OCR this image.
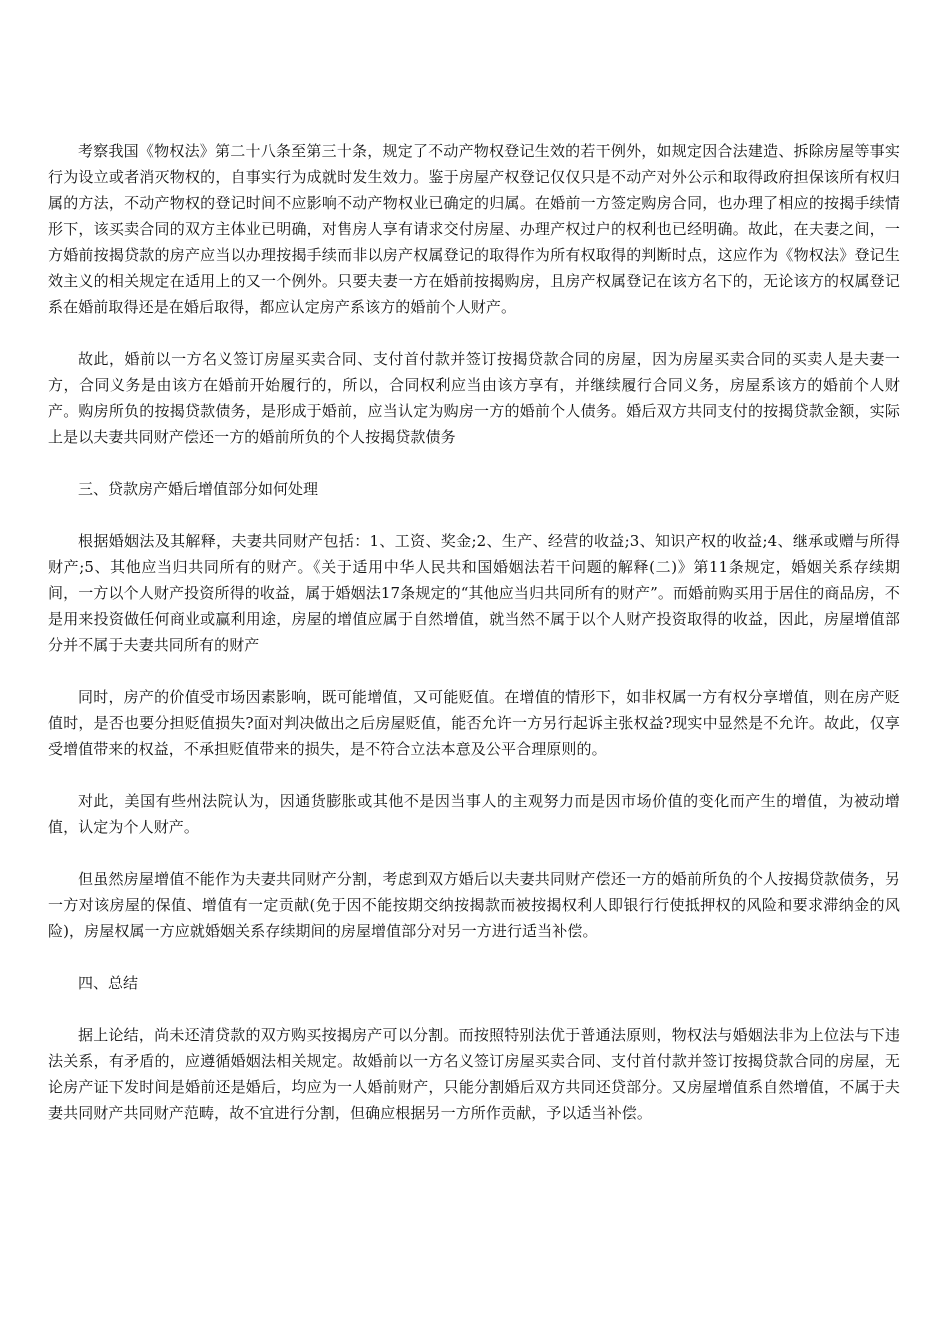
考察我国《物权法》第二十八条至第三十条，规定了不动产物权登记生效的若干例外，如规定因合法建造、拆除房屋等事实行为设立或者消灭物权的，自事实行为成就时发生效力。鉴于房屋产权登记仅仅只是不动产对外公示和取得政府担保该所有权归属的方法，不动产物权的登记时间不应影响不动产物权业已确定的归属。在婚前一方签定购房合同，也办理了相应的按揭手续情形下，该买卖合同的双方主体业已明确，对售房人享有请求交付房屋、办理产权过户的权利也已经明确。故此，在夫妻之间，一方婚前按揭贷款的房产应当以办理按揭手续而非以房产权属登记的取得作为所有权取得的判断时点，这应作为《物权法》登记生效主义的相关规定在适用上的又一个例外。只要夫妻一方在婚前按揭购房，且房产权属登记在该方名下的，无论该方的权属登记系在婚前取得还是在婚后取得，都应认定房产系该方的婚前个人财产。

故此，婚前以一方名义签订房屋买卖合同、支付首付款并签订按揭贷款合同的房屋，因为房屋买卖合同的买卖人是夫妻一方，合同义务是由该方在婚前开始履行的，所以，合同权利应当由该方享有，并继续履行合同义务，房屋系该方的婚前个人财产。购房所负的按揭贷款债务，是形成于婚前，应当认定为购房一方的婚前个人债务。婚后双方共同支付的按揭贷款金额，实际上是以夫妻共同财产偿还一方的婚前所负的个人按揭贷款债务

三、贷款房产婚后增值部分如何处理

根据婚姻法及其解释，夫妻共同财产包括：1、工资、奖金;2、生产、经营的收益;3、知识产权的收益;4、继承或赠与所得财产;5、其他应当归共同所有的财产。《关于适用中华人民共和国婚姻法若干问题的解释(二)》第11条规定，婚姻关系存续期间，一方以个人财产投资所得的收益，属于婚姻法17条规定的“其他应当归共同所有的财产”。而婚前购买用于居住的商品房，不是用来投资做任何商业或赢利用途，房屋的增值应属于自然增值，就当然不属于以个人财产投资取得的收益，因此，房屋增值部分并不属于夫妻共同所有的财产

同时，房产的价值受市场因素影响，既可能增值，又可能贬值。在增值的情形下，如非权属一方有权分享增值，则在房产贬值时，是否也要分担贬值损失?面对判决做出之后房屋贬值，能否允许一方另行起诉主张权益?现实中显然是不允许。故此，仅享受增值带来的权益，不承担贬值带来的损失，是不符合立法本意及公平合理原则的。

对此，美国有些州法院认为，因通货膨胀或其他不是因当事人的主观努力而是因市场价值的变化而产生的增值，为被动增值，认定为个人财产。

但虽然房屋增值不能作为夫妻共同财产分割，考虑到双方婚后以夫妻共同财产偿还一方的婚前所负的个人按揭贷款债务，另一方对该房屋的保值、增值有一定贡献(免于因不能按期交纳按揭款而被按揭权利人即银行行使抵押权的风险和要求滞纳金的风险)，房屋权属一方应就婚姻关系存续期间的房屋增值部分对另一方进行适当补偿。

四、总结

据上论结，尚未还清贷款的双方购买按揭房产可以分割。而按照特别法优于普通法原则，物权法与婚姻法非为上位法与下违法关系，有矛盾的，应遵循婚姻法相关规定。故婚前以一方名义签订房屋买卖合同、支付首付款并签订按揭贷款合同的房屋，无论房产证下发时间是婚前还是婚后，均应为一人婚前财产，只能分割婚后双方共同还贷部分。又房屋增值系自然增值，不属于夫妻共同财产共同财产范畴，故不宜进行分割，但确应根据另一方所作贡献，予以适当补偿。
